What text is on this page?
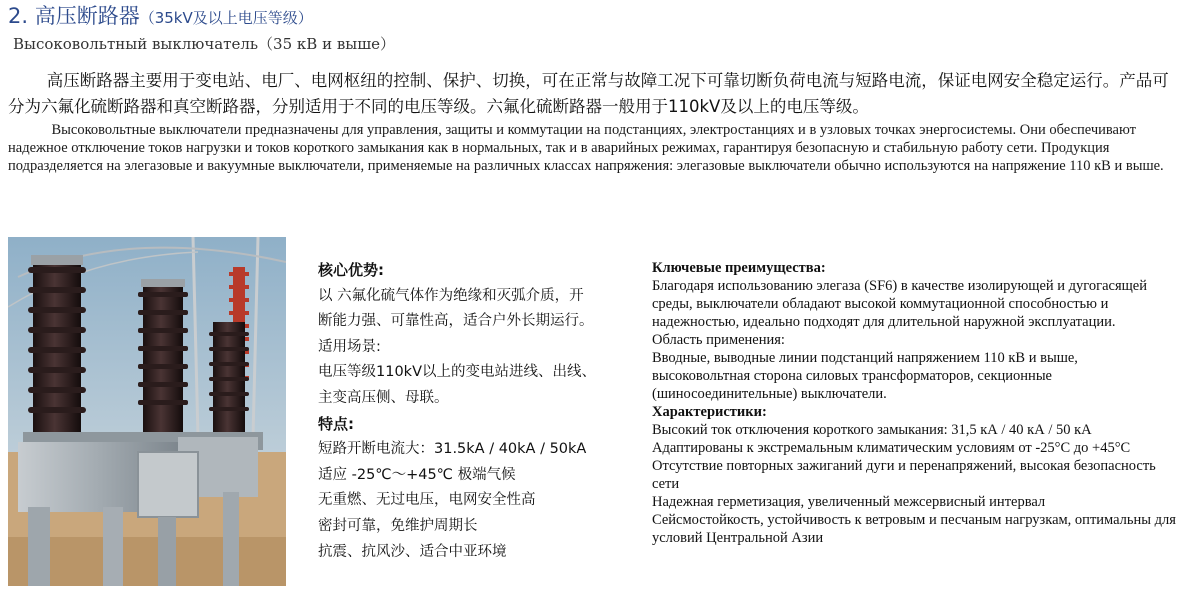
2. 高压断路器（35kV及以上电压等级）
Высоковольтный выключатель（35 кВ и выше）
高压断路器主要用于变电站、电厂、电网枢纽的控制、保护、切换，可在正常与故障工况下可靠切断负荷电流与短路电流，保证电网安全稳定运行。产品可分为六氟化硫断路器和真空断路器，分别适用于不同的电压等级。六氟化硫断路器一般用于110kV及以上的电压等级。
Высоковольтные выключатели предназначены для управления, защиты и коммутации на подстанциях, электростанциях и в узловых точках энергосистемы. Они обеспечивают надежное отключение токов нагрузки и токов короткого замыкания как в нормальных, так и в аварийных режимах, гарантируя безопасную и стабильную работу сети. Продукция подразделяется на элегазовые и вакуумные выключатели, применяемые на различных классах напряжения: элегазовые выключатели обычно используются на напряжение 110 кВ и выше.
核心优势:
以 六氟化硫气体作为绝缘和灭弧介质，开
断能力强、可靠性高，适合户外长期运行。
适用场景:
电压等级110kV以上的变电站进线、出线、
主变高压侧、母联。
特点:
短路开断电流大：31.5kA / 40kA / 50kA
适应 -25℃～+45℃ 极端气候
无重燃、无过电压，电网安全性高
密封可靠，免维护周期长
抗震、抗风沙、适合中亚环境
Ключевые преимущества:
Благодаря использованию элегаза (SF6) в качестве изолирующей и дугогасящей среды, выключатели обладают высокой коммутационной способностью и надежностью, идеально подходят для длительной наружной эксплуатации.
Область применения:
Вводные, выводные линии подстанций напряжением 110 кВ и выше, высоковольтная сторона силовых трансформаторов, секционные (шиносоединительные) выключатели.
Характеристики:
Высокий ток отключения короткого замыкания: 31,5 кА / 40 кА / 50 кА
Адаптированы к экстремальным климатическим условиям от -25°C до +45°C
Отсутствие повторных зажиганий дуги и перенапряжений, высокая безопасность сети
Надежная герметизация, увеличенный межсервисный интервал
Сейсмостойкость, устойчивость к ветровым и песчаным нагрузкам, оптимальны для условий Центральной Азии
